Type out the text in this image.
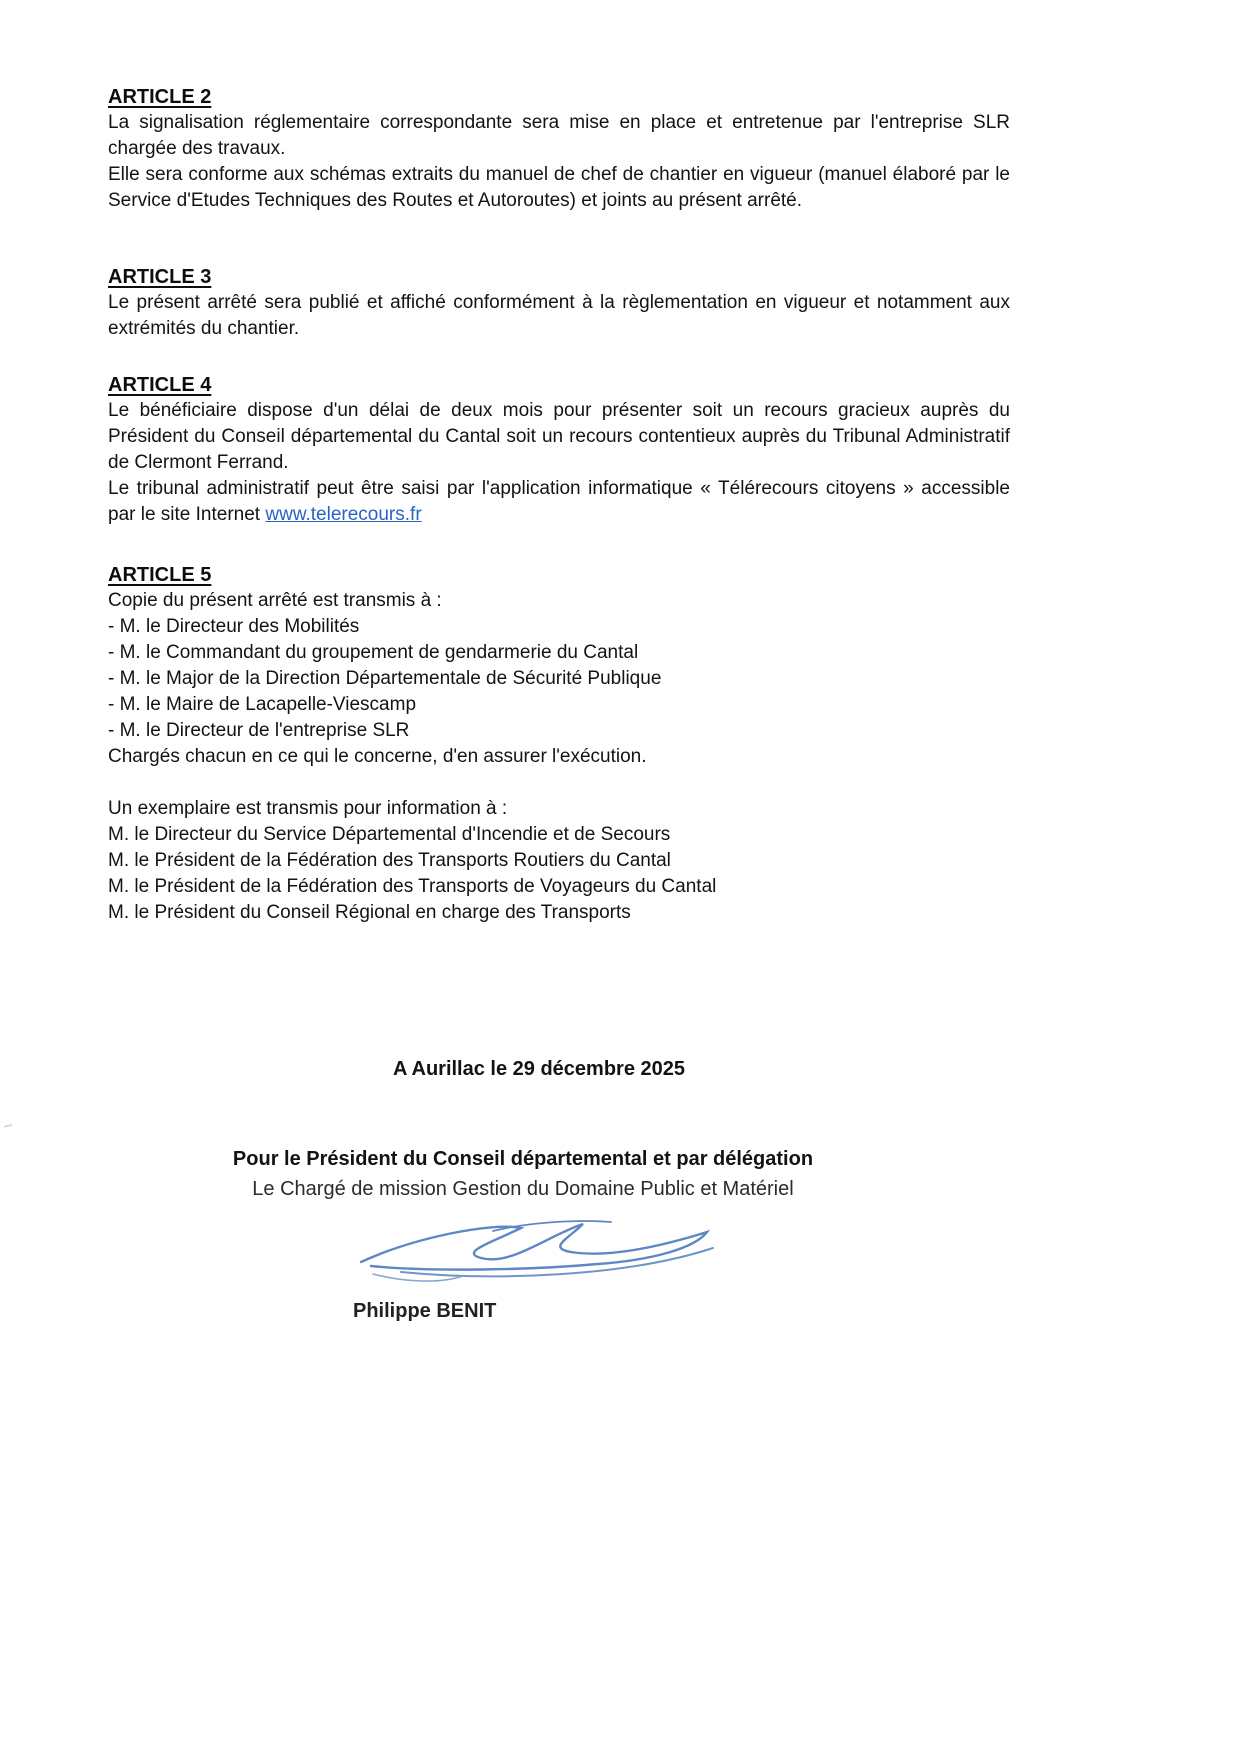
ARTICLE 2

La signalisation réglementaire correspondante sera mise en place et entretenue par l'entreprise SLR chargée des travaux.

Elle sera conforme aux schémas extraits du manuel de chef de chantier en vigueur (manuel élaboré par le Service d'Etudes Techniques des Routes et Autoroutes) et joints au présent arrêté.

ARTICLE 3

Le présent arrêté sera publié et affiché conformément à la règlementation en vigueur et notamment aux extrémités du chantier.

ARTICLE 4

Le bénéficiaire dispose d'un délai de deux mois pour présenter soit un recours gracieux auprès du Président du Conseil départemental du Cantal soit un recours contentieux auprès du Tribunal Administratif de Clermont Ferrand.

Le tribunal administratif peut être saisi par l'application informatique « Télérecours citoyens » accessible par le site Internet www.telerecours.fr

ARTICLE 5

Copie du présent arrêté est transmis à :

- M. le Directeur des Mobilités

- M. le Commandant du groupement de gendarmerie du Cantal

- M. le Major de la Direction Départementale de Sécurité Publique

- M. le Maire de Lacapelle-Viescamp

- M. le Directeur de l'entreprise SLR

Chargés chacun en ce qui le concerne, d'en assurer l'exécution.

Un exemplaire est transmis pour information à :

M. le Directeur du Service Départemental d'Incendie et de Secours

M. le Président de la Fédération des Transports Routiers du Cantal

M. le Président de la Fédération des Transports de Voyageurs du Cantal

M. le Président du Conseil Régional en charge des Transports

~
A Aurillac le 29 décembre 2025
Pour le Président du Conseil départemental et par délégation
Le Chargé de mission Gestion du Domaine Public et Matériel
Philippe BENIT
